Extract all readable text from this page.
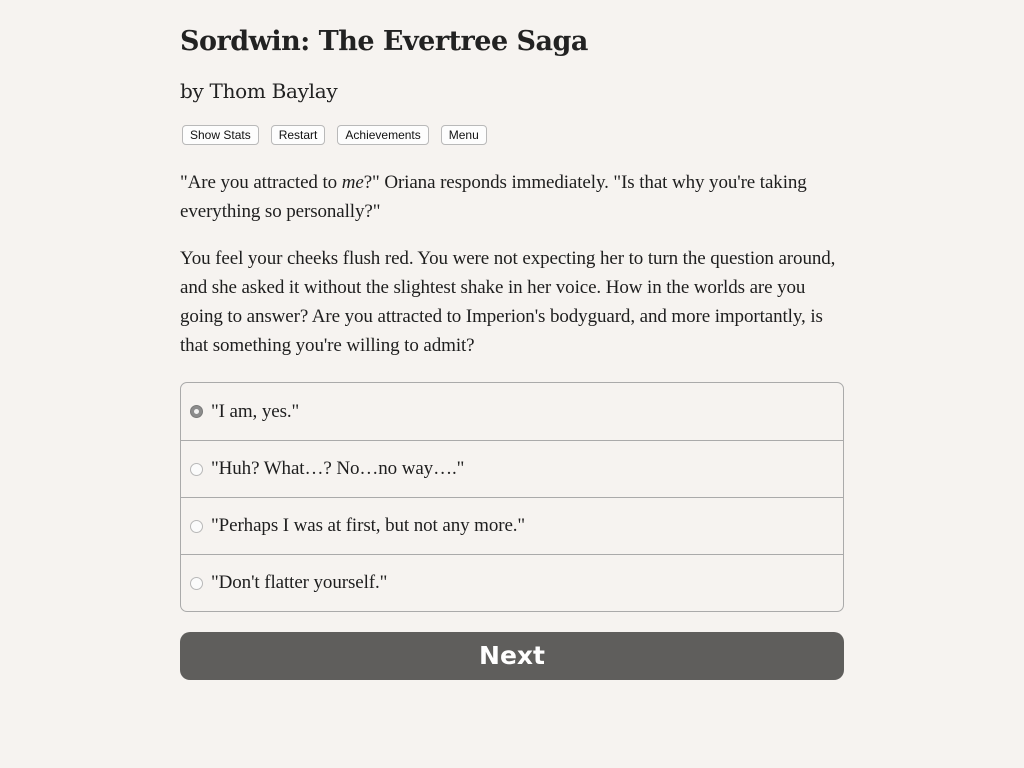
Sordwin: The Evertree Saga
by Thom Baylay
Show Stats	Restart	Achievements	Menu

"Are you attracted to me?" Oriana responds immediately. "Is that why you're taking everything so personally?"

You feel your cheeks flush red. You were not expecting her to turn the question around, and she asked it without the slightest shake in her voice. How in the worlds are you going to answer? Are you attracted to Imperion's bodyguard, and more importantly, is that something you're willing to admit?

"I am, yes."
"Huh? What…? No…no way…."
"Perhaps I was at first, but not any more."
"Don't flatter yourself."
Next
